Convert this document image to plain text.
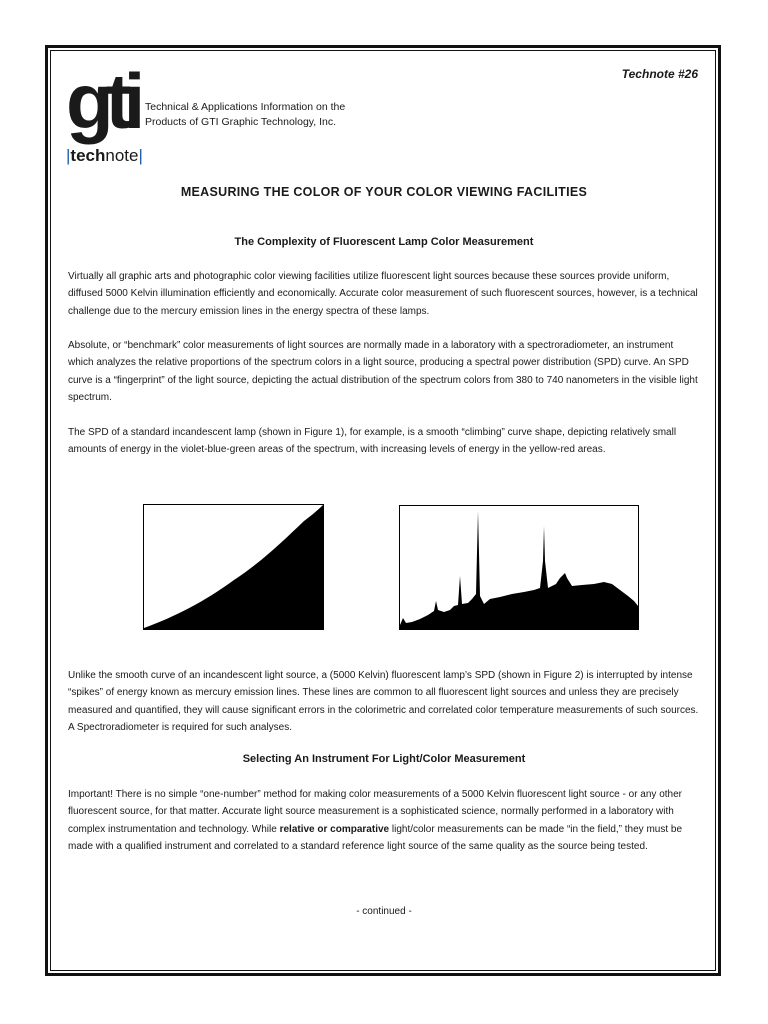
Technote #26
gti
|technote|
Technical & Applications Information on the
Products of GTI Graphic Technology, Inc.
MEASURING THE COLOR OF YOUR COLOR VIEWING FACILITIES
The Complexity of Fluorescent Lamp Color Measurement
Virtually all graphic arts and photographic color viewing facilities utilize fluorescent light sources because these sources provide uniform, diffused 5000 Kelvin illumination efficiently and economically. Accurate color measurement of such fluorescent sources, however, is a technical challenge due to the mercury emission lines in the energy spectra of these lamps.
Absolute, or “benchmark” color measurements of light sources are normally made in a laboratory with a spectroradiometer, an instrument which analyzes the relative proportions of the spectrum colors in a light source, producing a spectral power distribution (SPD) curve. An SPD curve is a “fingerprint” of the light source, depicting the actual distribution of the spectrum colors from 380 to 740 nanometers in the visible light spectrum.
The SPD of a standard incandescent lamp (shown in Figure 1), for example, is a smooth “climbing” curve shape, depicting relatively small amounts of energy in the violet-blue-green areas of the spectrum, with increasing levels of energy in the yellow-red areas.
Unlike the smooth curve of an incandescent light source, a (5000 Kelvin) fluorescent lamp’s SPD (shown in Figure 2) is interrupted by intense “spikes” of energy known as mercury emission lines. These lines are common to all fluorescent light sources and unless they are precisely measured and quantified, they will cause significant errors in the colorimetric and correlated color temperature measurements of such sources. A Spectroradiometer is required for such analyses.
Selecting An Instrument For Light/Color Measurement
Important! There is no simple “one-number” method for making color measurements of a 5000 Kelvin fluorescent light source - or any other fluorescent source, for that matter. Accurate light source measurement is a sophisticated science, normally performed in a laboratory with complex instrumentation and technology. While relative or comparative light/color measurements can be made “in the field,” they must be made with a qualified instrument and correlated to a standard reference light source of the same quality as the source being tested.
- continued -
